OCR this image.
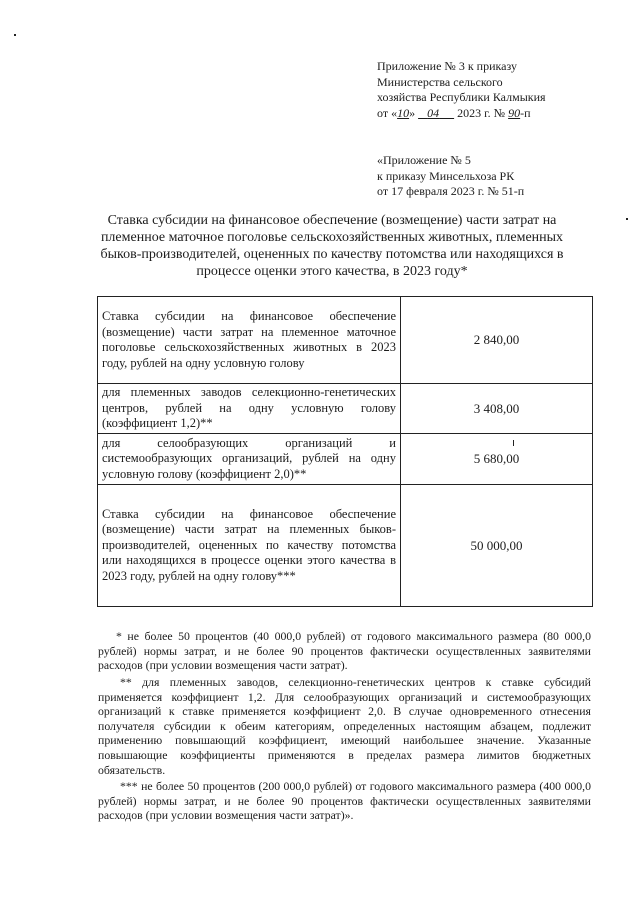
Приложение № 3 к приказу
Министерства сельского
хозяйства Республики Калмыкия
от «10» 04 2023 г. № 90-п
«Приложение № 5
к приказу Минсельхоза РК
от 17 февраля 2023 г. № 51-п
Ставка субсидии на финансовое обеспечение (возмещение) части затрат на племенное маточное поголовье сельскохозяйственных животных, племенных быков-производителей, оцененных по качеству потомства или находящихся в процессе оценки этого качества, в 2023 году*
Ставка субсидии на финансовое обеспечение (возмещение) части затрат на племенное маточное поголовье сельскохозяйственных животных в 2023 году, рублей на одну условную голову	2 840,00
для племенных заводов селекционно-генетических центров, рублей на одну условную голову (коэффициент 1,2)**	3 408,00
для селообразующих организаций и системообразующих организаций, рублей на одну условную голову (коэффициент 2,0)**	5 680,00
Ставка субсидии на финансовое обеспечение (возмещение) части затрат на племенных быков-производителей, оцененных по качеству потомства или находящихся в процессе оценки этого качества в 2023 году, рублей на одну голову***	50 000,00

* не более 50 процентов (40 000,0 рублей) от годового максимального размера (80 000,0 рублей) нормы затрат, и не более 90 процентов фактически осуществленных заявителями расходов (при условии возмещения части затрат).

** для племенных заводов, селекционно-генетических центров к ставке субсидий применяется коэффициент 1,2. Для селообразующих организаций и системообразующих организаций к ставке применяется коэффициент 2,0. В случае одновременного отнесения получателя субсидии к обеим категориям, определенных настоящим абзацем, подлежит применению повышающий коэффициент, имеющий наибольшее значение. Указанные повышающие коэффициенты применяются в пределах размера лимитов бюджетных обязательств.

*** не более 50 процентов (200 000,0 рублей) от годового максимального размера (400 000,0 рублей) нормы затрат, и не более 90 процентов фактически осуществленных заявителями расходов (при условии возмещения части затрат)».
